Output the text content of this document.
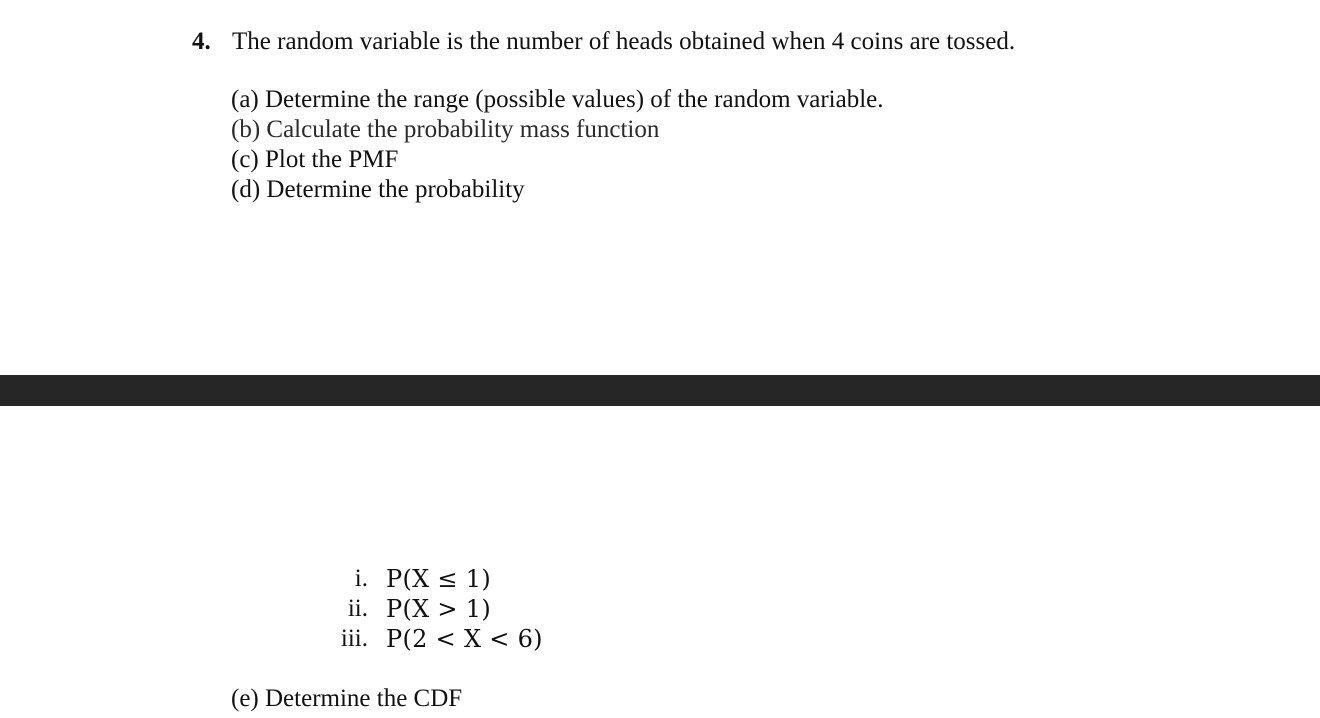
4. The random variable is the number of heads obtained when 4 coins are tossed.
(a) Determine the range (possible values) of the random variable.
(b) Calculate the probability mass function
(c) Plot the PMF
(d) Determine the probability
i. P(X ≤ 1)
ii. P(X > 1)
iii. P(2 < X < 6)
(e) Determine the CDF
